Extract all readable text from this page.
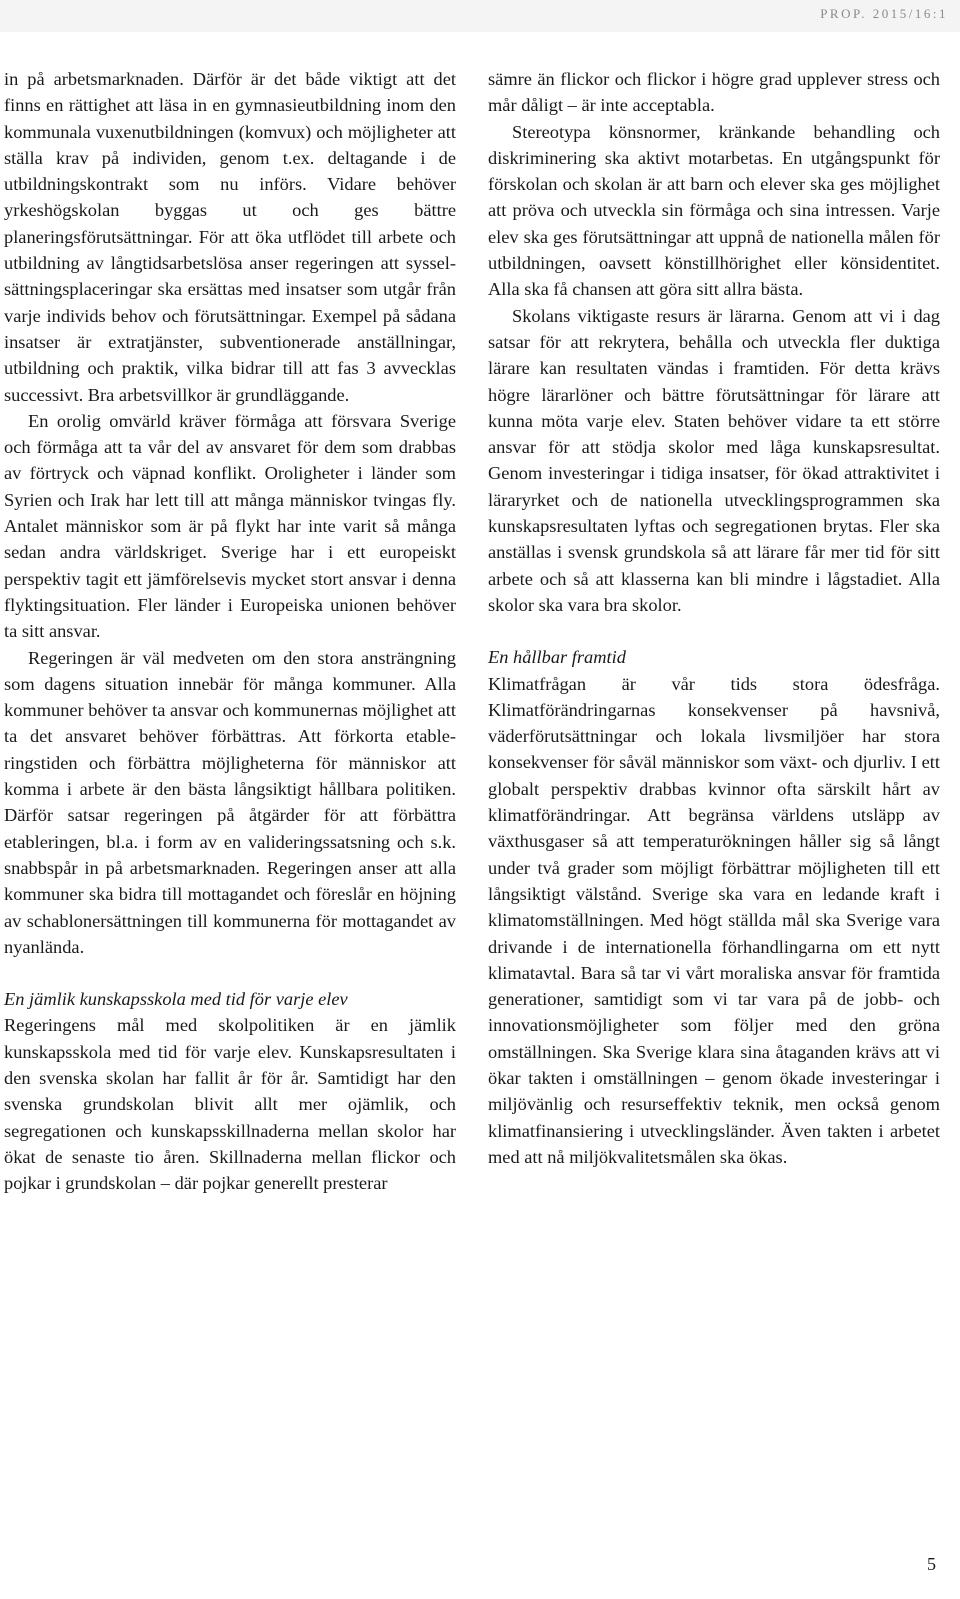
PROP. 2015/16:1

in på arbetsmarknaden. Därför är det både viktigt att det finns en rättighet att läsa in en gymnasieutbildning inom den kommunala vuxenutbildningen (komvux) och möjligheter att ställa krav på individen, genom t.ex. deltagande i de utbildningskontrakt som nu införs. Vidare behöver yrkeshögskolan byggas ut och ges bättre planeringsförutsättningar. För att öka utflödet till arbete och utbildning av långtidsarbetslösa anser regeringen att sysselsättningsplaceringar ska ersättas med insatser som utgår från varje individs behov och förutsättningar. Exempel på sådana insatser är extratjänster, subventionerade anställningar, utbildning och praktik, vilka bidrar till att fas 3 avvecklas successivt. Bra arbetsvillkor är grundläggande.

En orolig omvärld kräver förmåga att försvara Sverige och förmåga att ta vår del av ansvaret för dem som drabbas av förtryck och väpnad konflikt. Oroligheter i länder som Syrien och Irak har lett till att många människor tvingas fly. Antalet människor som är på flykt har inte varit så många sedan andra världskriget. Sverige har i ett europeiskt perspektiv tagit ett jämförelsevis mycket stort ansvar i denna flyktingsituation. Fler länder i Europeiska unionen behöver ta sitt ansvar.

Regeringen är väl medveten om den stora ansträngning som dagens situation innebär för många kommuner. Alla kommuner behöver ta ansvar och kommunernas möjlighet att ta det ansvaret behöver förbättras. Att förkorta etableringstiden och förbättra möjligheterna för människor att komma i arbete är den bästa långsiktigt hållbara politiken. Därför satsar regeringen på åtgärder för att förbättra etableringen, bl.a. i form av en valideringssatsning och s.k. snabbspår in på arbetsmarknaden. Regeringen anser att alla kommuner ska bidra till mottagandet och föreslår en höjning av schablonersättningen till kommunerna för mottagandet av nyanlända.

En jämlik kunskapsskola med tid för varje elev

Regeringens mål med skolpolitiken är en jämlik kunskapsskola med tid för varje elev. Kunskapsresultaten i den svenska skolan har fallit år för år. Samtidigt har den svenska grundskolan blivit allt mer ojämlik, och segregationen och kunskapsskillnaderna mellan skolor har ökat de senaste tio åren. Skillnaderna mellan flickor och pojkar i grundskolan – där pojkar generellt presterar

sämre än flickor och flickor i högre grad upplever stress och mår dåligt – är inte acceptabla.

Stereotypa könsnormer, kränkande behandling och diskriminering ska aktivt motarbetas. En utgångspunkt för förskolan och skolan är att barn och elever ska ges möjlighet att pröva och utveckla sin förmåga och sina intressen. Varje elev ska ges förutsättningar att uppnå de nationella målen för utbildningen, oavsett könstillhörighet eller könsidentitet. Alla ska få chansen att göra sitt allra bästa.

Skolans viktigaste resurs är lärarna. Genom att vi i dag satsar för att rekrytera, behålla och utveckla fler duktiga lärare kan resultaten vändas i framtiden. För detta krävs högre lärarlöner och bättre förutsättningar för lärare att kunna möta varje elev. Staten behöver vidare ta ett större ansvar för att stödja skolor med låga kunskapsresultat. Genom investeringar i tidiga insatser, för ökad attraktivitet i läraryrket och de nationella utvecklingsprogrammen ska kunskapsresultaten lyftas och segregationen brytas. Fler ska anställas i svensk grundskola så att lärare får mer tid för sitt arbete och så att klasserna kan bli mindre i lågstadiet. Alla skolor ska vara bra skolor.

En hållbar framtid

Klimatfrågan är vår tids stora ödesfråga. Klimatförändringarnas konsekvenser på havsnivå, väderförutsättningar och lokala livsmiljöer har stora konsekvenser för såväl människor som växt- och djurliv. I ett globalt perspektiv drabbas kvinnor ofta särskilt hårt av klimatförändringar. Att begränsa världens utsläpp av växthusgaser så att temperaturökningen håller sig så långt under två grader som möjligt förbättrar möjligheten till ett långsiktigt välstånd. Sverige ska vara en ledande kraft i klimatomställningen. Med högt ställda mål ska Sverige vara drivande i de internationella förhandlingarna om ett nytt klimatavtal. Bara så tar vi vårt moraliska ansvar för framtida generationer, samtidigt som vi tar vara på de jobb- och innovationsmöjligheter som följer med den gröna omställningen. Ska Sverige klara sina åtaganden krävs att vi ökar takten i omställningen – genom ökade investeringar i miljövänlig och resurseffektiv teknik, men också genom klimatfinansiering i utvecklingsländer. Även takten i arbetet med att nå miljökvalitetsmålen ska ökas.

5
